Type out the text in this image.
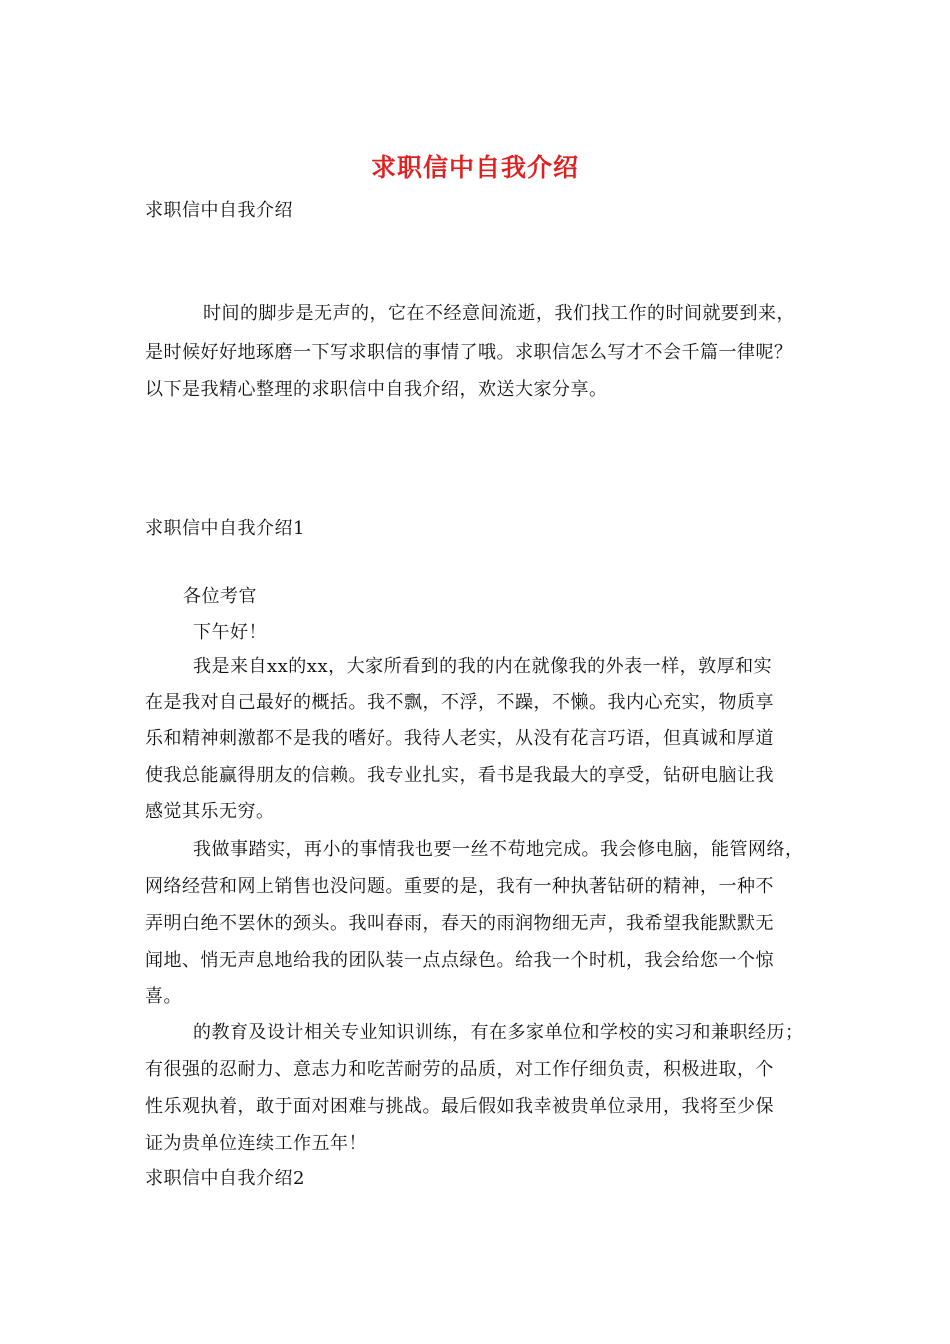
求职信中自我介绍
求职信中自我介绍
时间的脚步是无声的，它在不经意间流逝，我们找工作的时间就要到来，
是时候好好地琢磨一下写求职信的事情了哦。求职信怎么写才不会千篇一律呢？
以下是我精心整理的求职信中自我介绍，欢送大家分享。
求职信中自我介绍1
各位考官
下午好！
我是来自xx的xx，大家所看到的我的内在就像我的外表一样，敦厚和实
在是我对自己最好的概括。我不飘，不浮，不躁，不懒。我内心充实，物质享
乐和精神刺激都不是我的嗜好。我待人老实，从没有花言巧语，但真诚和厚道
使我总能赢得朋友的信赖。我专业扎实，看书是我最大的享受，钻研电脑让我
感觉其乐无穷。
我做事踏实，再小的事情我也要一丝不苟地完成。我会修电脑，能管网络，
网络经营和网上销售也没问题。重要的是，我有一种执著钻研的精神，一种不
弄明白绝不罢休的颈头。我叫春雨，春天的雨润物细无声，我希望我能默默无
闻地、悄无声息地给我的团队装一点点绿色。给我一个时机，我会给您一个惊
喜。
的教育及设计相关专业知识训练，有在多家单位和学校的实习和兼职经历；
有很强的忍耐力、意志力和吃苦耐劳的品质，对工作仔细负责，积极进取，个
性乐观执着，敢于面对困难与挑战。最后假如我幸被贵单位录用，我将至少保
证为贵单位连续工作五年！
求职信中自我介绍2
